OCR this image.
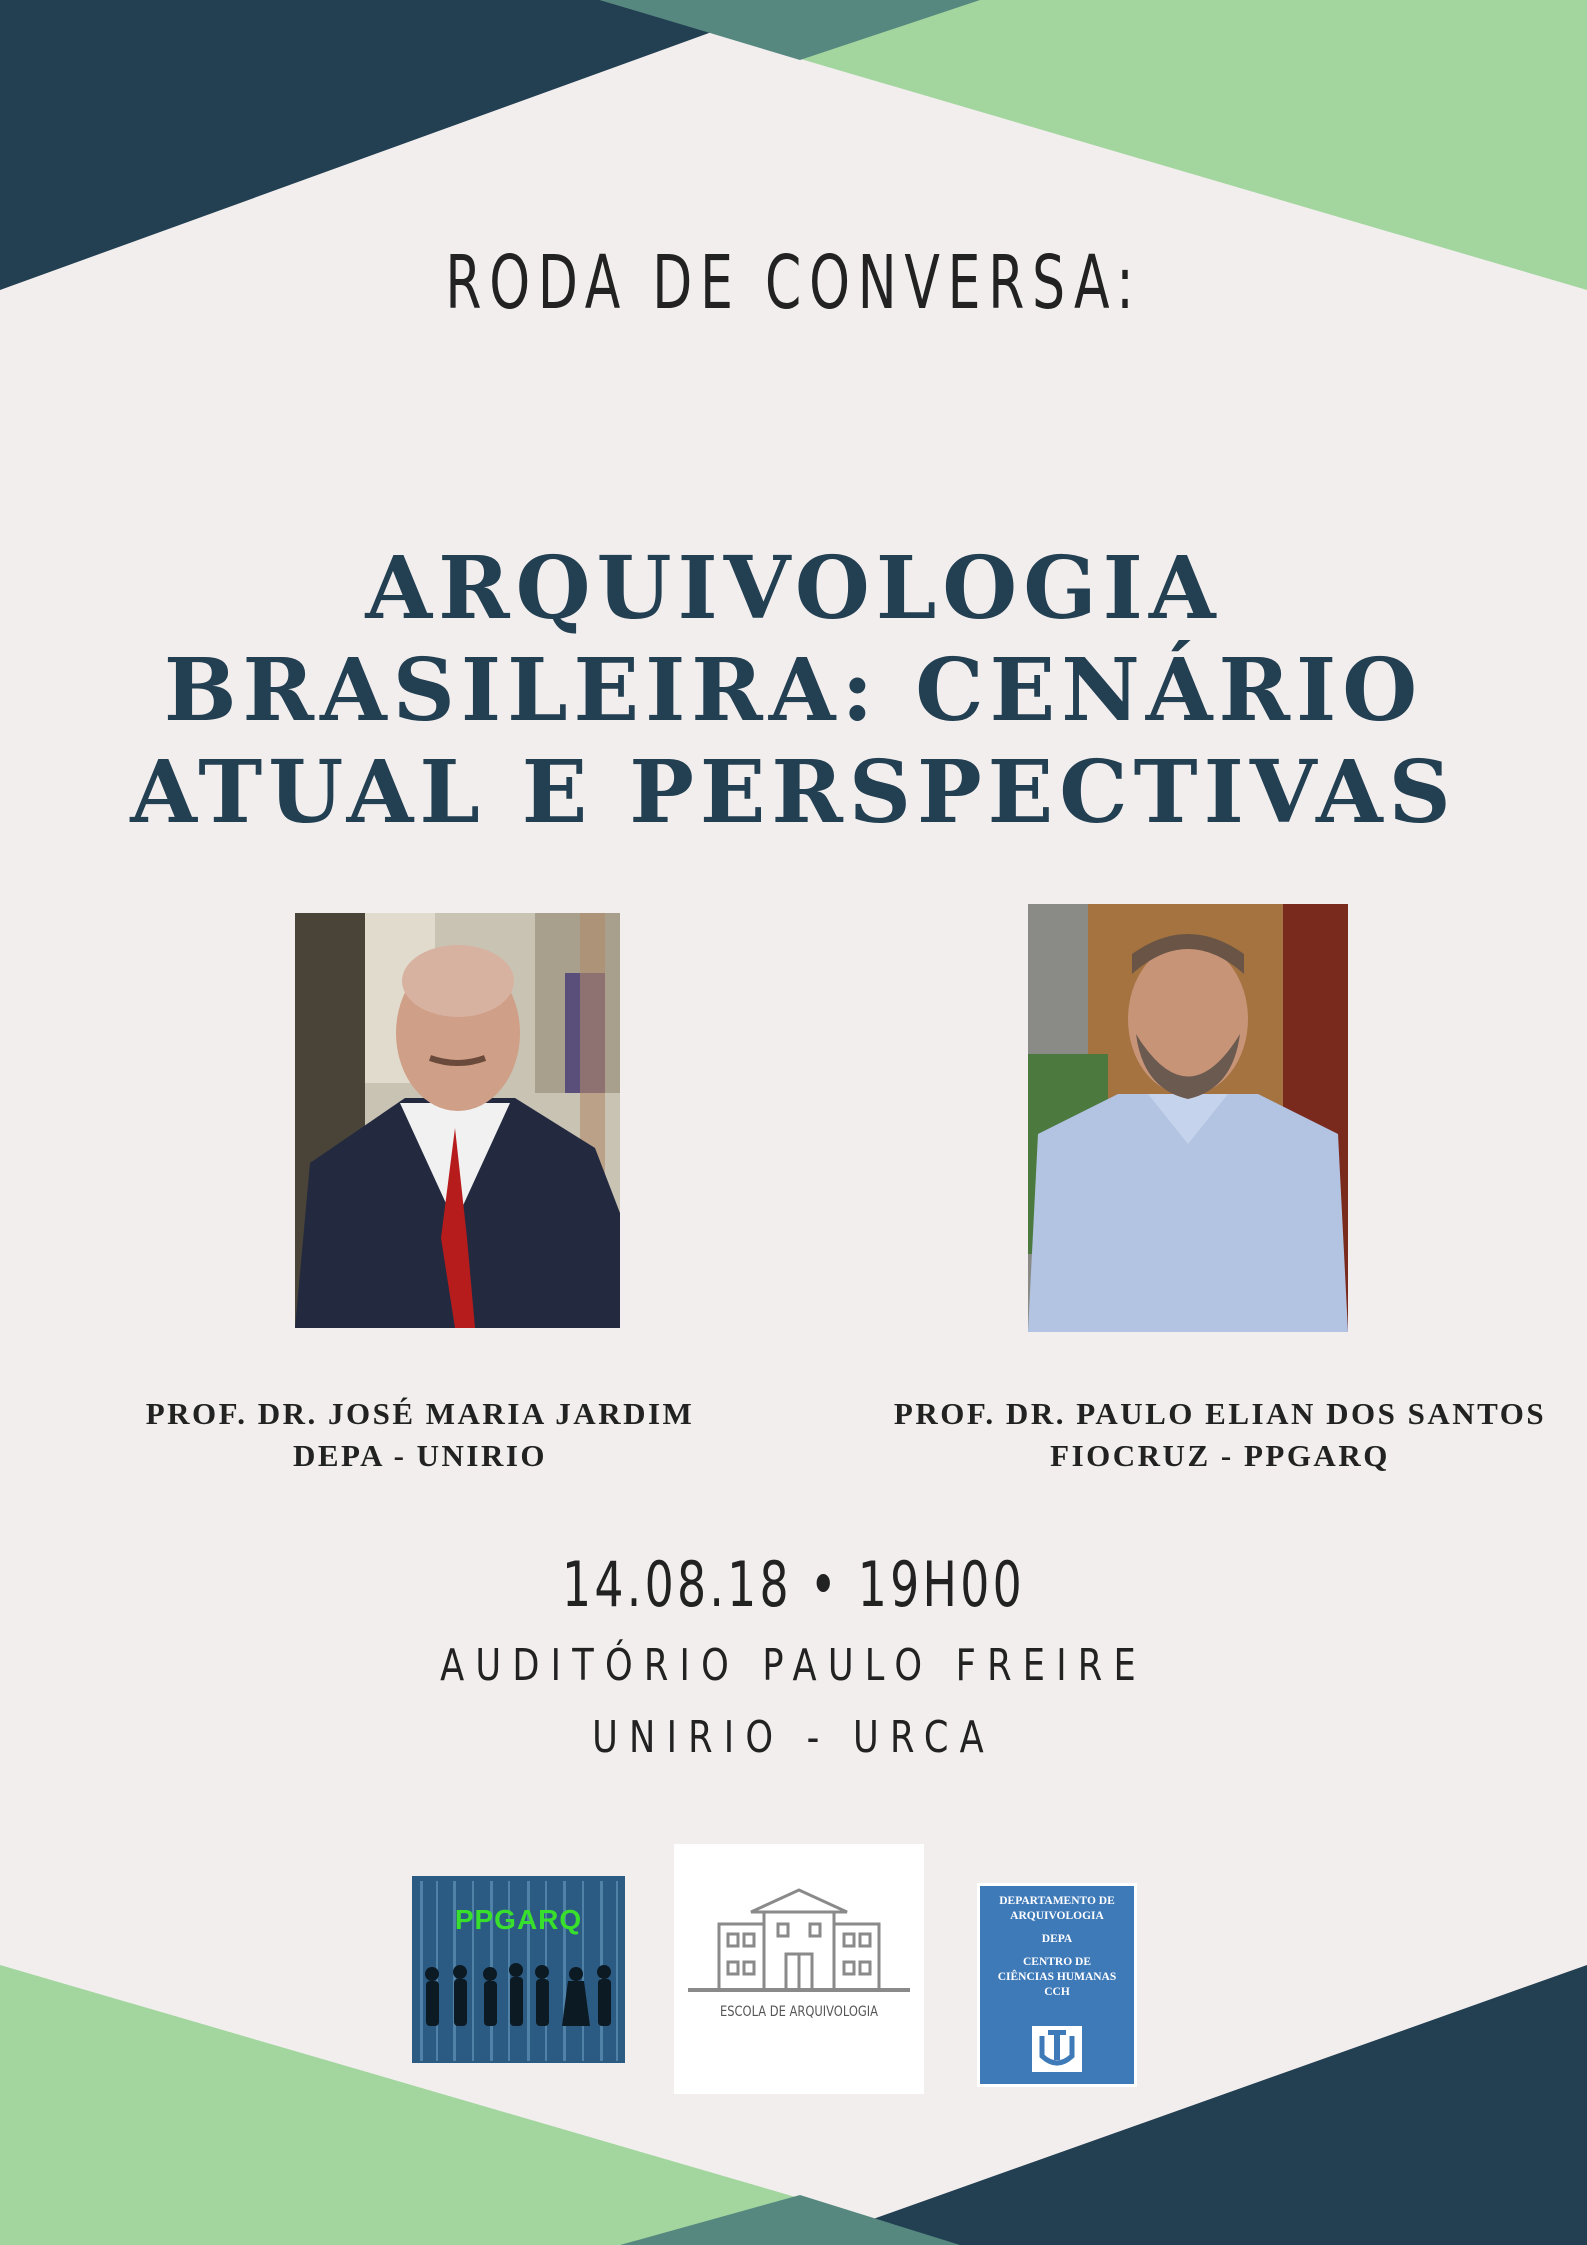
RODA DE CONVERSA:
ARQUIVOLOGIA
BRASILEIRA: CENÁRIO
ATUAL E PERSPECTIVAS
PROF. DR. JOSÉ MARIA JARDIM
DEPA - UNIRIO
PROF. DR. PAULO ELIAN DOS SANTOS
FIOCRUZ - PPGARQ
14.08.18 • 19H00
AUDITÓRIO PAULO FREIRE
UNIRIO - URCA
PPGARQ
ESCOLA DE ARQUIVOLOGIA
DEPARTAMENTO DE
ARQUIVOLOGIA
DEPA
CENTRO DE
CIÊNCIAS HUMANAS
CCH
